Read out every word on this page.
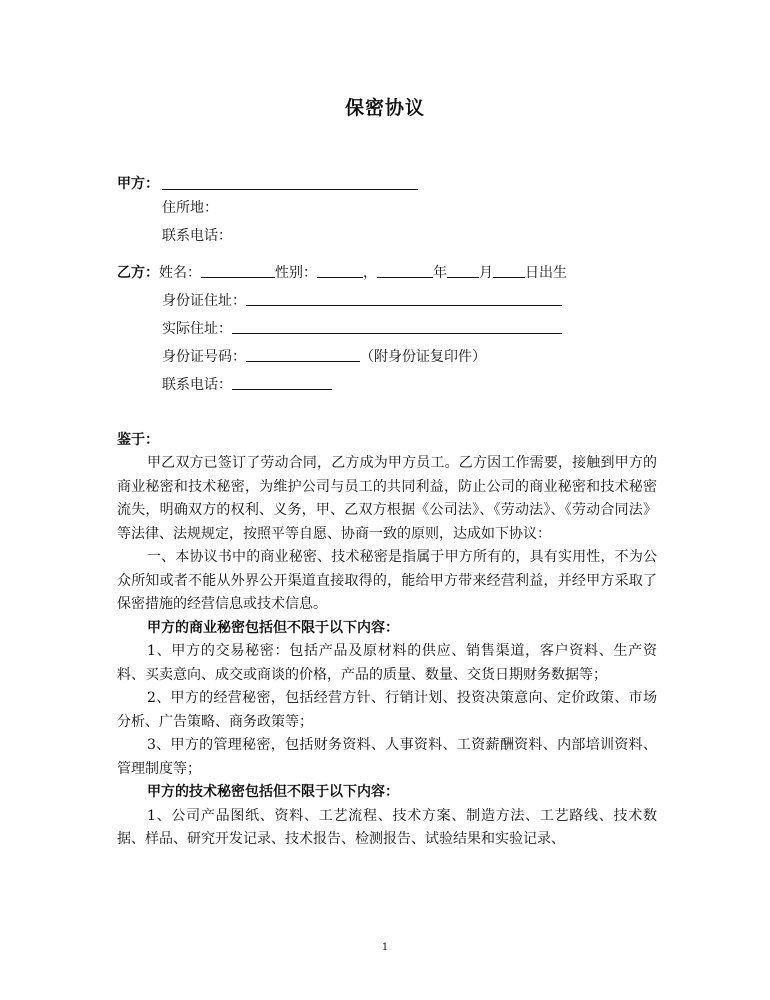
保密协议
甲方：
住所地：
联系电话：
乙方：姓名：	性别：	，	年 月 日出生
身份证住址：
实际住址：
身份证号码：	（附身份证复印件）
联系电话：
鉴于：

甲乙双方已签订了劳动合同，乙方成为甲方员工。乙方因工作需要，接触到甲方的商业秘密和技术秘密，为维护公司与员工的共同利益，防止公司的商业秘密和技术秘密流失，明确双方的权利、义务，甲、乙双方根据《公司法》、《劳动法》、《劳动合同法》等法律、法规规定，按照平等自愿、协商一致的原则，达成如下协议：

一、本协议书中的商业秘密、技术秘密是指属于甲方所有的，具有实用性，不为公众所知或者不能从外界公开渠道直接取得的，能给甲方带来经营利益，并经甲方采取了保密措施的经营信息或技术信息。

甲方的商业秘密包括但不限于以下内容：

1、甲方的交易秘密：包括产品及原材料的供应、销售渠道，客户资料、生产资料、买卖意向、成交或商谈的价格，产品的质量、数量、交货日期财务数据等；

2、甲方的经营秘密，包括经营方针、行销计划、投资决策意向、定价政策、市场分析、广告策略、商务政策等；

3、甲方的管理秘密，包括财务资料、人事资料、工资薪酬资料、内部培训资料、管理制度等；

甲方的技术秘密包括但不限于以下内容：

1、公司产品图纸、资料、工艺流程、技术方案、制造方法、工艺路线、技术数据、样品、研究开发记录、技术报告、检测报告、试验结果和实验记录、

1
